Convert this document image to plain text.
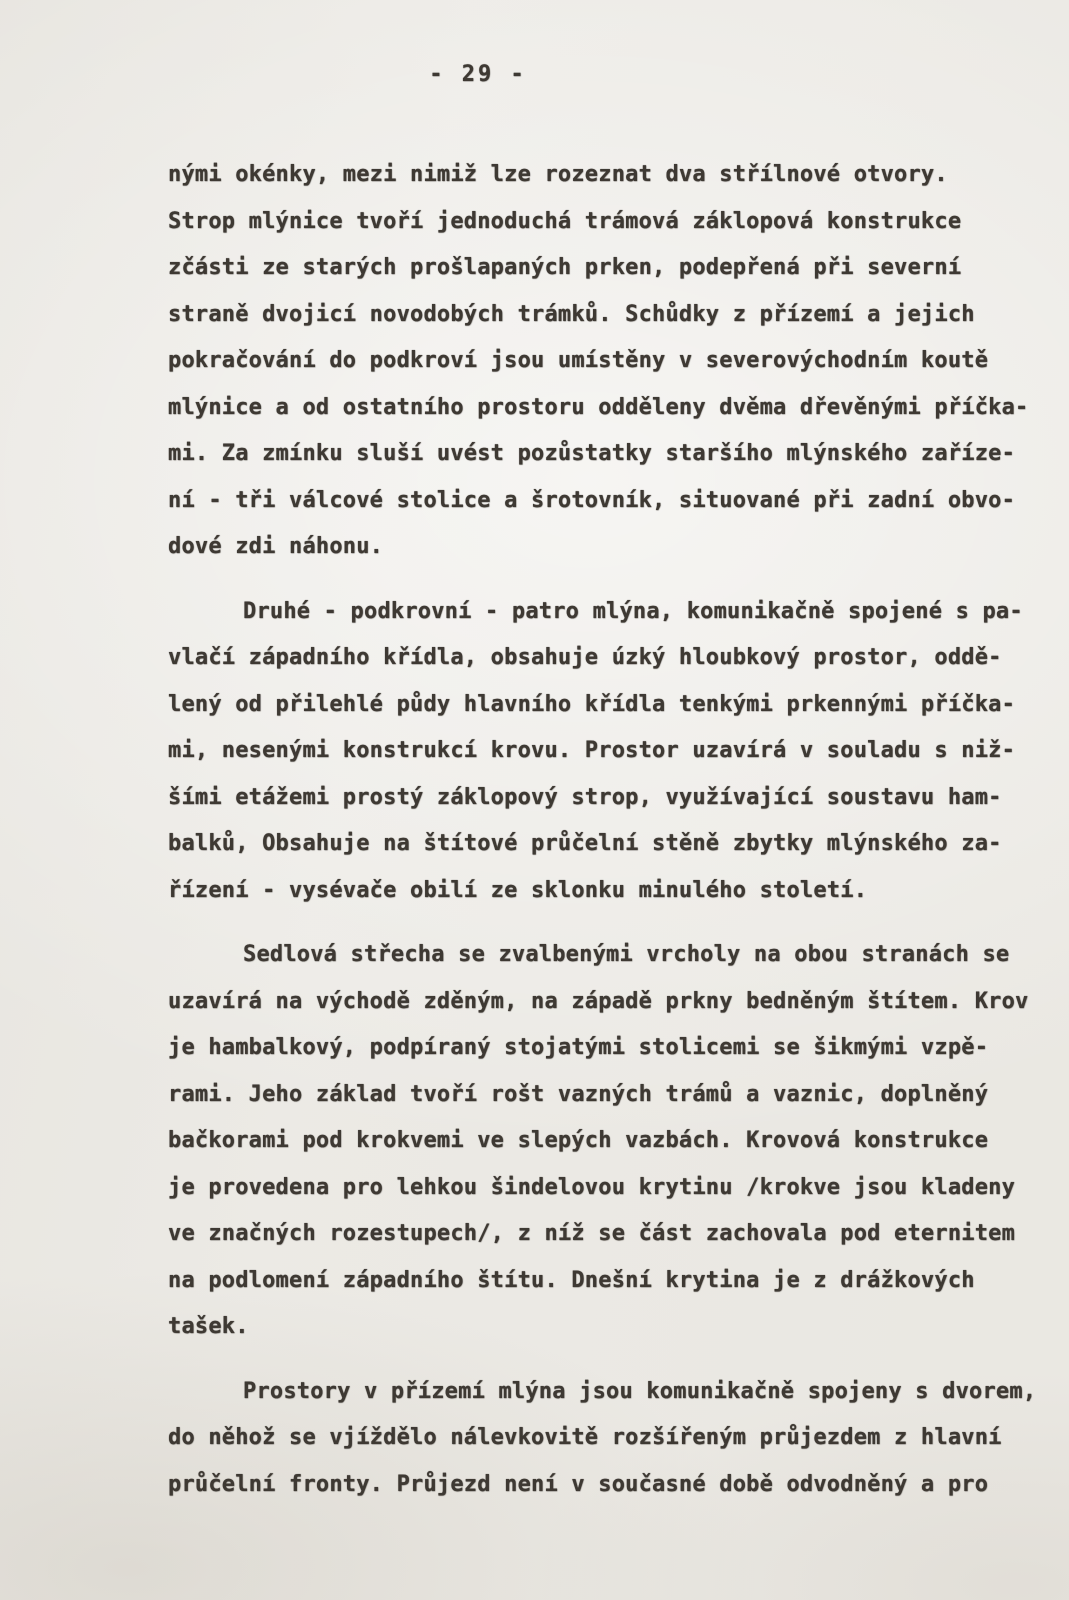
- 29 -
nými okénky, mezi nimiž lze rozeznat dva střílnové otvory.
Strop mlýnice tvoří jednoduchá trámová záklopová konstrukce
zčásti ze starých prošlapaných prken, podepřená při severní
straně dvojicí novodobých trámků. Schůdky z přízemí a jejich
pokračování do podkroví jsou umístěny v severovýchodním koutě
mlýnice a od ostatního prostoru odděleny dvěma dřevěnými příčka-
mi. Za zmínku sluší uvést pozůstatky staršího mlýnského zaříze-
ní - tři válcové stolice a šrotovník, situované při zadní obvo-
dové zdi náhonu.
Druhé - podkrovní - patro mlýna, komunikačně spojené s pa-
vlačí západního křídla, obsahuje úzký hloubkový prostor, oddě-
lený od přilehlé půdy hlavního křídla tenkými prkennými příčka-
mi, nesenými konstrukcí krovu. Prostor uzavírá v souladu s niž-
šími etážemi prostý záklopový strop, využívající soustavu ham-
balků, Obsahuje na štítové průčelní stěně zbytky mlýnského za-
řízení - vysévače obilí ze sklonku minulého století.
Sedlová střecha se zvalbenými vrcholy na obou stranách se
uzavírá na východě zděným, na západě prkny bedněným štítem. Krov
je hambalkový, podpíraný stojatými stolicemi se šikmými vzpě-
rami. Jeho základ tvoří rošt vazných trámů a vaznic, doplněný
bačkorami pod krokvemi ve slepých vazbách. Krovová konstrukce
je provedena pro lehkou šindelovou krytinu /krokve jsou kladeny
ve značných rozestupech/, z níž se část zachovala pod eternitem
na podlomení západního štítu. Dnešní krytina je z drážkových
tašek.
Prostory v přízemí mlýna jsou komunikačně spojeny s dvorem,
do něhož se vjíždělo nálevkovitě rozšířeným průjezdem z hlavní
průčelní fronty. Průjezd není v současné době odvodněný a pro
